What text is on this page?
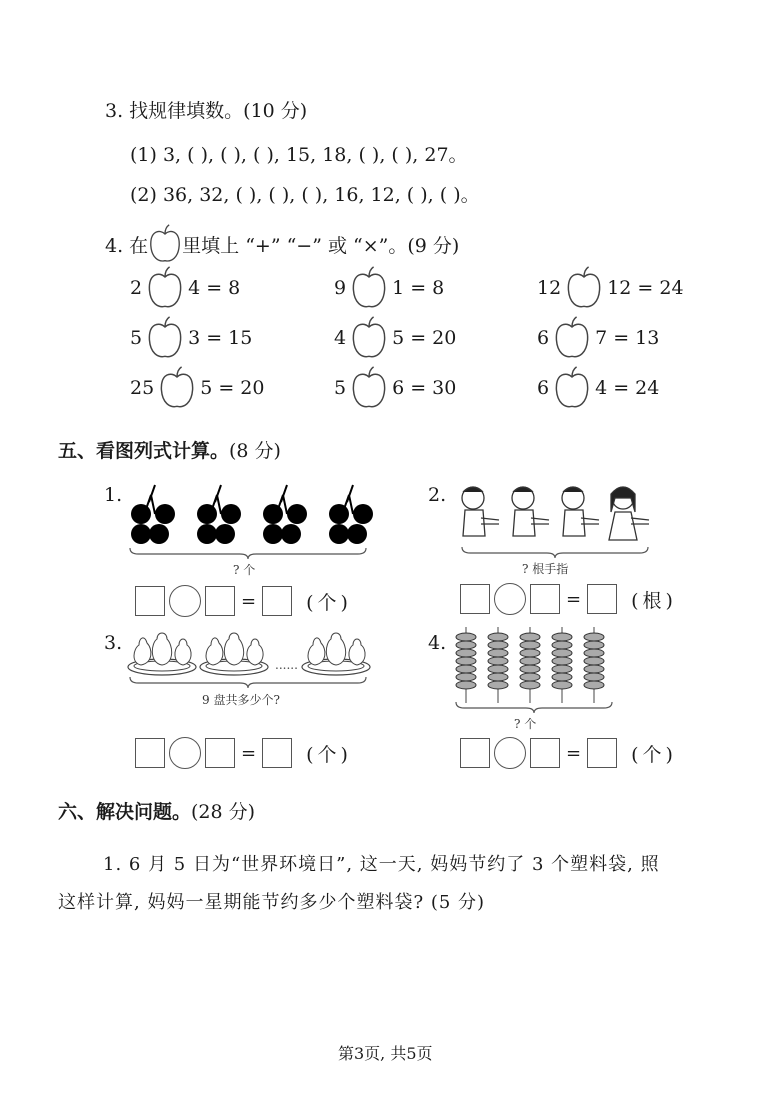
3. 找规律填数。(10 分)
(1) 3, ( ), ( ), ( ), 15, 18, ( ), ( ), 27。
(2) 36, 32, ( ), ( ), ( ), 16, 12, ( ), ( )。
4. 在 里填上 “+” “−” 或 “×”。(9 分)
2 4 = 8	9 1 = 8	12 12 = 24
5 3 = 15	4 5 = 20	6 7 = 13
25 5 = 20	5 6 = 30	6 4 = 24
五、看图列式计算。(8 分)
1.
? 个
=	(个)
2.
? 根手指
=	(根)
3.
......
9 盘共多少个?
=	(个)
4.
? 个
=	(个)
六、解决问题。(28 分)
1. 6 月 5 日为“世界环境日”, 这一天, 妈妈节约了 3 个塑料袋, 照
这样计算, 妈妈一星期能节约多少个塑料袋? (5 分)
第3页, 共5页
